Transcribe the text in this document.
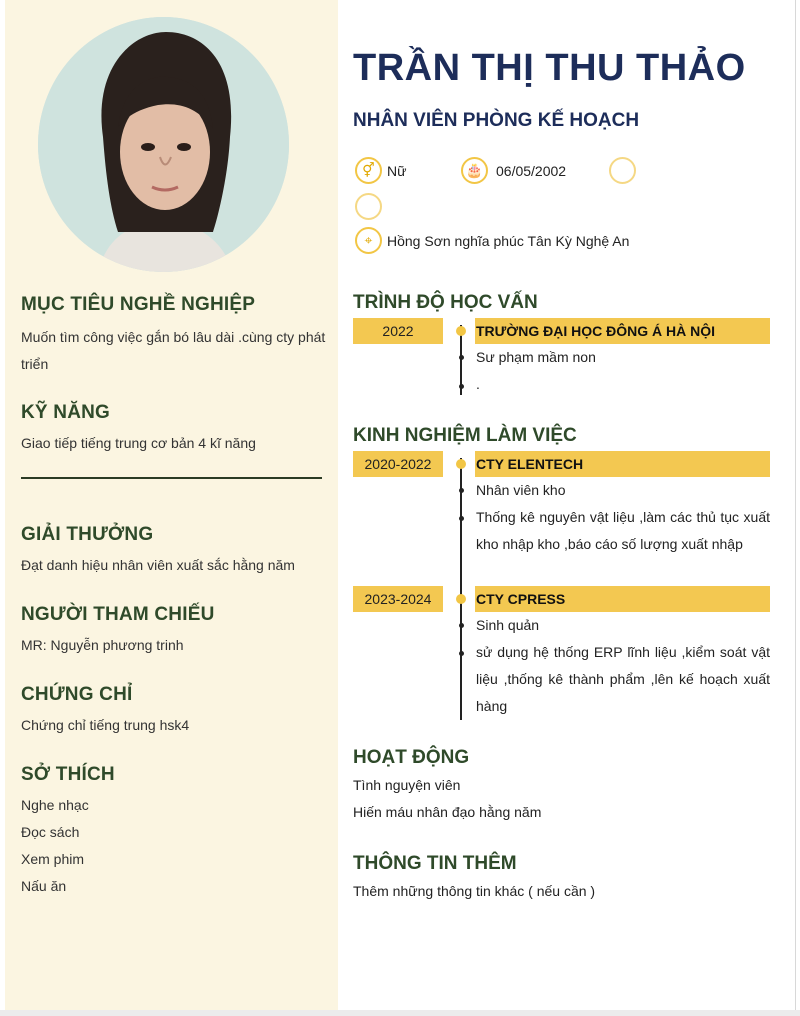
MỤC TIÊU NGHỀ NGHIỆP
Muốn tìm công việc gắn bó lâu dài .cùng cty phát triển
KỸ NĂNG
Giao tiếp tiếng trung cơ bản 4 kĩ năng
GIẢI THƯỞNG
Đạt danh hiệu nhân viên xuất sắc hằng năm
NGƯỜI THAM CHIẾU
MR: Nguyễn phương trinh
CHỨNG CHỈ
Chứng chỉ tiếng trung hsk4
SỞ THÍCH
Nghe nhạc
Đọc sách
Xem phim
Nấu ăn
TRẦN THỊ THU THẢO
NHÂN VIÊN PHÒNG KẾ HOẠCH
⚥ Nữ	🎂 06/05/2002
⌖	Hồng Sơn nghĩa phúc Tân Kỳ Nghệ An
TRÌNH ĐỘ HỌC VẤN
2022	TRƯỜNG ĐẠI HỌC ĐÔNG Á HÀ NỘI
Sư phạm mầm non
.
KINH NGHIỆM LÀM VIỆC
2020-2022	CTY ELENTECH
Nhân viên kho
Thống kê nguyên vật liệu ,làm các thủ tục xuất kho nhập kho ,báo cáo số lượng xuất nhập
2023-2024	CTY CPRESS
Sinh quản
sử dụng hệ thống ERP lĩnh liệu ,kiểm soát vật liệu ,thống kê thành phẩm ,lên kế hoạch xuất hàng
HOẠT ĐỘNG
Tình nguyện viên
Hiến máu nhân đạo hằng năm
THÔNG TIN THÊM
Thêm những thông tin khác ( nếu cần )
